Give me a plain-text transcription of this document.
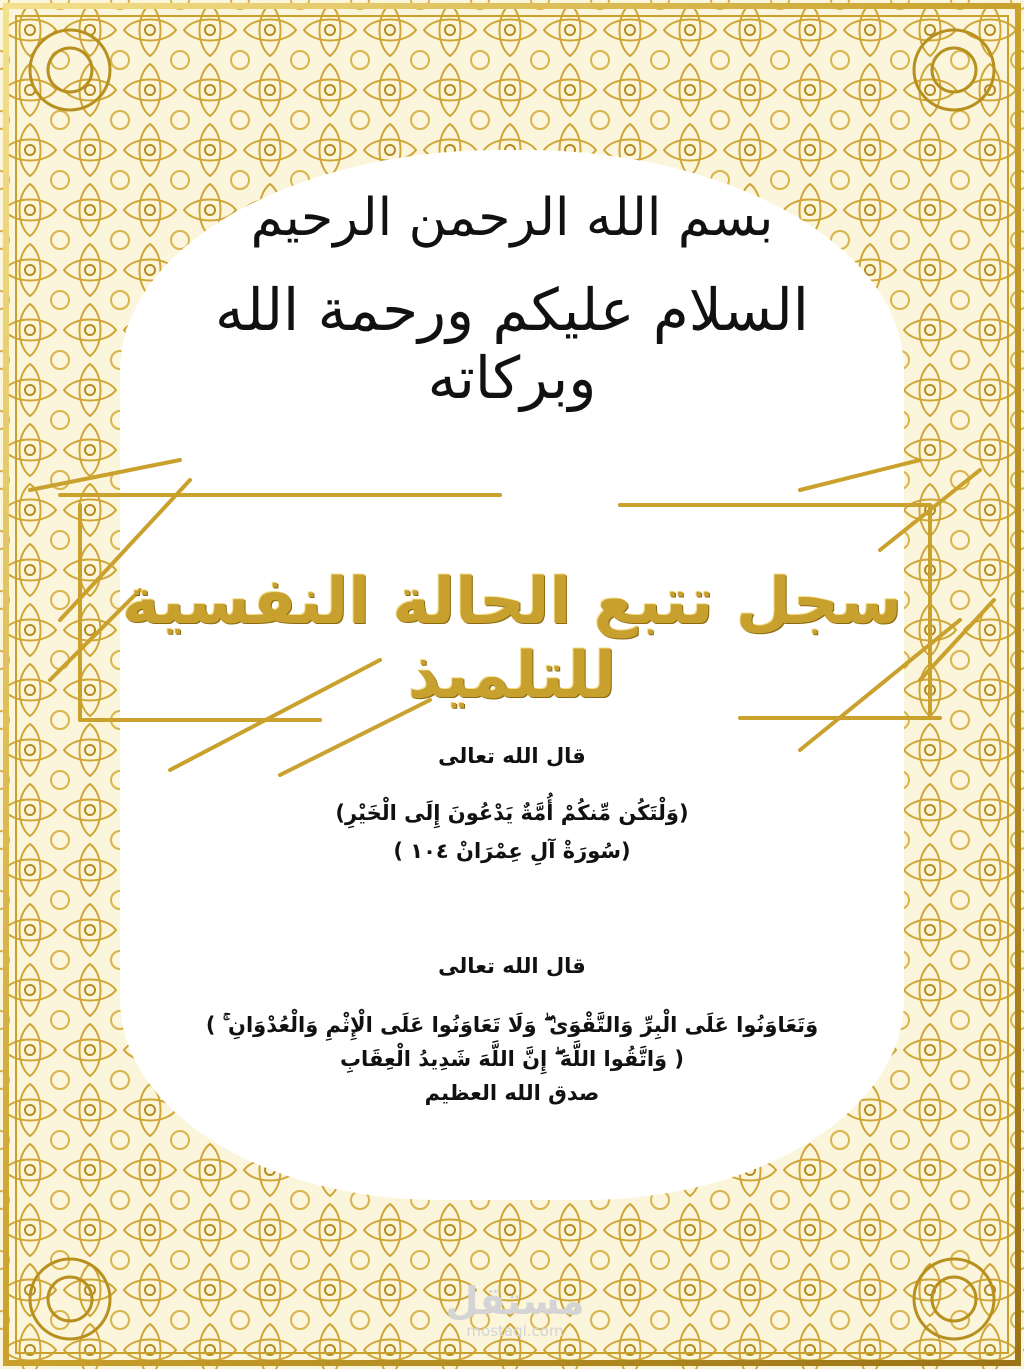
بسم الله الرحمن الرحيم
السلام عليكم ورحمة الله وبركاته
سجل تتبع الحالة النفسية للتلميذ
قال الله تعالى
(وَلْتَكُن مِّنكُمْ أُمَّةٌ يَدْعُونَ إِلَى الْخَيْرِ)
(سُورَةْ آلِ عِمْرَانْ ١٠٤ )
قال الله تعالى
وَتَعَاوَنُوا عَلَى الْبِرِّ وَالتَّقْوَىٰ ۖ وَلَا تَعَاوَنُوا عَلَى الْإِثْمِ وَالْعُدْوَانِ ۚ )
( وَاتَّقُوا اللَّهَ ۖ إِنَّ اللَّهَ شَدِيدُ الْعِقَابِ
صدق الله العظيم
مستقل
mostaql.com
